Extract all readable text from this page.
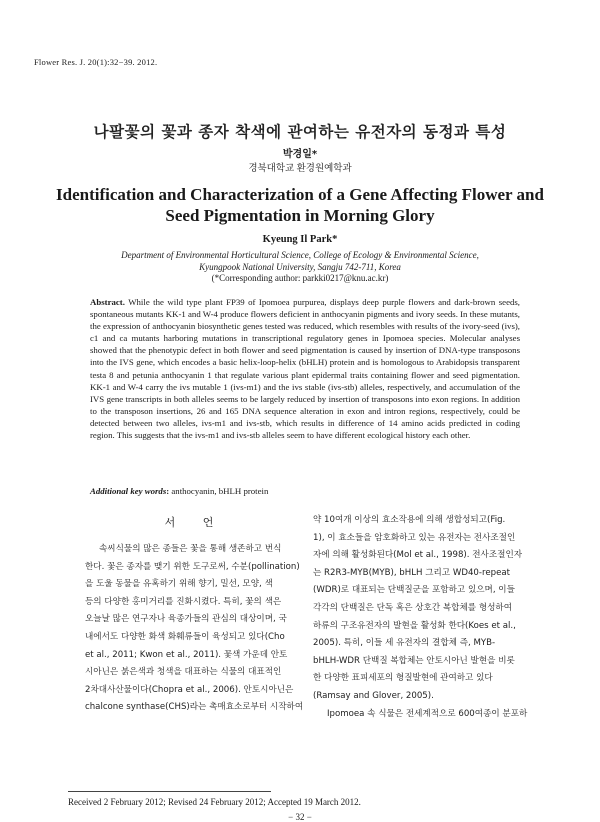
Flower Res. J. 20(1):32−39. 2012.
나팔꽃의 꽃과 종자 착색에 관여하는 유전자의 동정과 특성
박경일*
경북대학교 환경원예학과
Identification and Characterization of a Gene Affecting Flower and Seed Pigmentation in Morning Glory
Kyeung Il Park*
Department of Environmental Horticultural Science, College of Ecology & Environmental Science,
Kyungpook National University, Sangju 742-711, Korea
(*Corresponding author: parkki0217@knu.ac.kr)
Abstract. While the wild type plant FP39 of Ipomoea purpurea, displays deep purple flowers and dark-brown seeds, spontaneous mutants KK-1 and W-4 produce flowers deficient in anthocyanin pigments and ivory seeds. In these mutants, the expression of anthocyanin biosynthetic genes tested was reduced, which resembles with results of the ivory-seed (ivs), c1 and ca mutants harboring mutations in transcriptional regulatory genes in Ipomoea species. Molecular analyses showed that the phenotypic defect in both flower and seed pigmentation is caused by insertion of DNA-type transposons into the IVS gene, which encodes a basic helix-loop-helix (bHLH) protein and is homologous to Arabidopsis transparent testa 8 and petunia anthocyanin 1 that regulate various plant epidermal traits containing flower and seed pigmentation. KK-1 and W-4 carry the ivs mutable 1 (ivs-m1) and the ivs stable (ivs-stb) alleles, respectively, and accumulation of the IVS gene transcripts in both alleles seems to be largely reduced by insertion of transposons into exon regions. In addition to the transposon insertions, 26 and 165 DNA sequence alteration in exon and intron regions, respectively, could be detected between two alleles, ivs-m1 and ivs-stb, which results in difference of 14 amino acids predicted in coding region. This suggests that the ivs-m1 and ivs-stb alleles seem to have different ecological history each other.
Additional key words: anthocyanin, bHLH protein
서 언
속씨식물의 많은 종들은 꽃을 통해 생존하고 번식
한다. 꽃은 종자를 맺기 위한 도구로써, 수분(pollination)
을 도울 동물을 유혹하기 위해 향기, 밀선, 모양, 색
등의 다양한 홍미거리를 진화시켰다. 특히, 꽃의 색은
오늘날 많은 연구자나 육종가들의 관심의 대상이며, 국
내에서도 다양한 화색 화훼류들이 육성되고 있다(Cho
et al., 2011; Kwon et al., 2011). 꽃색 가운데 안토
시아닌은 붉은색과 청색을 대표하는 식물의 대표적인
2차대사산물이다(Chopra et al., 2006). 안토시아닌은
chalcone synthase(CHS)라는 촉매효소로부터 시작하여
약 10여개 이상의 효소작용에 의해 생합성되고(Fig.
1), 이 효소들을 암호화하고 있는 유전자는 전사조절인
자에 의해 활성화된다(Mol et al., 1998). 전사조절인자
는 R2R3-MYB(MYB), bHLH 그리고 WD40-repeat
(WDR)로 대표되는 단백질군을 포함하고 있으며, 이들
각각의 단백질은 단독 혹은 상호간 복합체를 형성하여
하류의 구조유전자의 발현을 활성화 한다(Koes et al.,
2005). 특히, 이들 세 유전자의 결합체 즉, MYB-
bHLH-WDR 단백질 복합체는 안토시아닌 발현을 비롯
한 다양한 표피세포의 형질발현에 관여하고 있다
(Ramsay and Glover, 2005).
Ipomoea 속 식물은 전세계적으로 600여종이 분포하
Received 2 February 2012; Revised 24 February 2012; Accepted 19 March 2012.
− 32 −
